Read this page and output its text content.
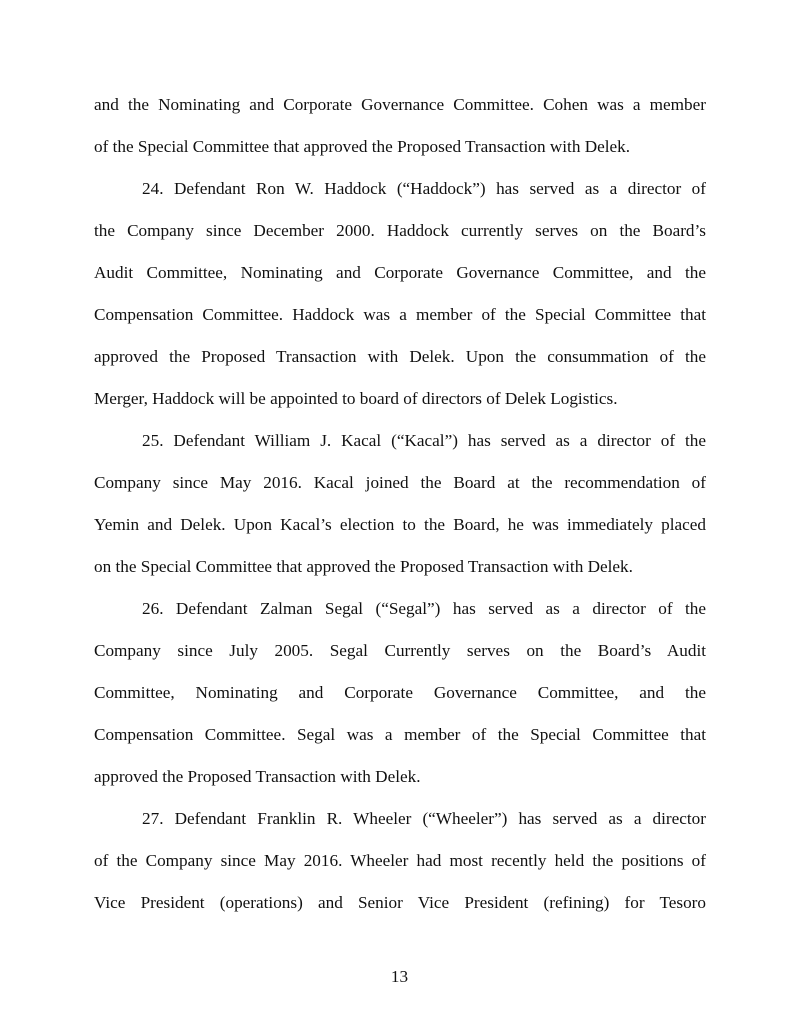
and the Nominating and Corporate Governance Committee. Cohen was a member
of the Special Committee that approved the Proposed Transaction with Delek.
24. Defendant Ron W. Haddock (“Haddock”) has served as a director of
the Company since December 2000. Haddock currently serves on the Board’s
Audit Committee, Nominating and Corporate Governance Committee, and the
Compensation Committee. Haddock was a member of the Special Committee that
approved the Proposed Transaction with Delek. Upon the consummation of the
Merger, Haddock will be appointed to board of directors of Delek Logistics.
25. Defendant William J. Kacal (“Kacal”) has served as a director of the
Company since May 2016. Kacal joined the Board at the recommendation of
Yemin and Delek. Upon Kacal’s election to the Board, he was immediately placed
on the Special Committee that approved the Proposed Transaction with Delek.
26. Defendant Zalman Segal (“Segal”) has served as a director of the
Company since July 2005. Segal Currently serves on the Board’s Audit
Committee, Nominating and Corporate Governance Committee, and the
Compensation Committee. Segal was a member of the Special Committee that
approved the Proposed Transaction with Delek.
27. Defendant Franklin R. Wheeler (“Wheeler”) has served as a director
of the Company since May 2016. Wheeler had most recently held the positions of
Vice President (operations) and Senior Vice President (refining) for Tesoro
13
